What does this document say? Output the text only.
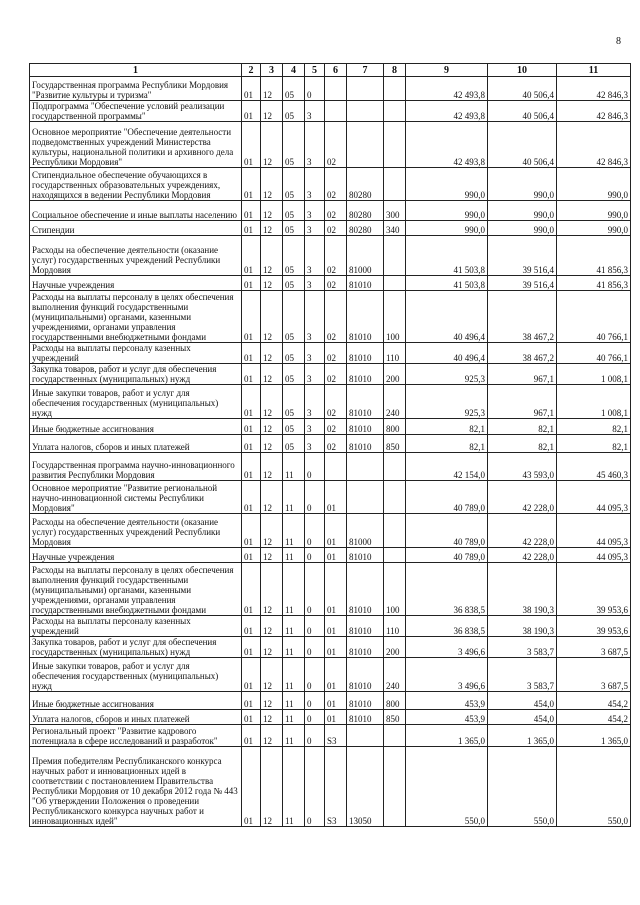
8
1	2	3	4	5	6	7	8	9	10	11
Государственная программа Республики Мордовия "Развитие культуры и туризма"	01	12	05	0				42 493,8	40 506,4	42 846,3
Подпрограмма "Обеспечение условий реализации государственной программы"	01	12	05	3				42 493,8	40 506,4	42 846,3
Основное мероприятие "Обеспечение деятельности подведомственных учреждений Министерства культуры, национальной политики и архивного дела Республики Мордовия"	01	12	05	3	02			42 493,8	40 506,4	42 846,3
Стипендиальное обеспечение обучающихся в государственных образовательных учреждениях, находящихся в ведении Республики Мордовия	01	12	05	3	02	80280		990,0	990,0	990,0
Социальное обеспечение и иные выплаты населению	01	12	05	3	02	80280	300	990,0	990,0	990,0
Стипендии	01	12	05	3	02	80280	340	990,0	990,0	990,0
Расходы на обеспечение деятельности (оказание услуг) государственных учреждений Республики Мордовия	01	12	05	3	02	81000		41 503,8	39 516,4	41 856,3
Научные учреждения	01	12	05	3	02	81010		41 503,8	39 516,4	41 856,3
Расходы на выплаты персоналу в целях обеспечения выполнения функций государственными (муниципальными) органами, казенными учреждениями, органами управления государственными внебюджетными фондами	01	12	05	3	02	81010	100	40 496,4	38 467,2	40 766,1
Расходы на выплаты персоналу казенных учреждений	01	12	05	3	02	81010	110	40 496,4	38 467,2	40 766,1
Закупка товаров, работ и услуг для обеспечения государственных (муниципальных) нужд	01	12	05	3	02	81010	200	925,3	967,1	1 008,1
Иные закупки товаров, работ и услуг для обеспечения государственных (муниципальных) нужд	01	12	05	3	02	81010	240	925,3	967,1	1 008,1
Иные бюджетные ассигнования	01	12	05	3	02	81010	800	82,1	82,1	82,1
Уплата налогов, сборов и иных платежей	01	12	05	3	02	81010	850	82,1	82,1	82,1
Государственная программа научно-инновационного развития Республики Мордовия	01	12	11	0				42 154,0	43 593,0	45 460,3
Основное мероприятие "Развитие региональной научно-инновационной системы Республики Мордовия"	01	12	11	0	01			40 789,0	42 228,0	44 095,3
Расходы на обеспечение деятельности (оказание услуг) государственных учреждений Республики Мордовия	01	12	11	0	01	81000		40 789,0	42 228,0	44 095,3
Научные учреждения	01	12	11	0	01	81010		40 789,0	42 228,0	44 095,3
Расходы на выплаты персоналу в целях обеспечения выполнения функций государственными (муниципальными) органами, казенными учреждениями, органами управления государственными внебюджетными фондами	01	12	11	0	01	81010	100	36 838,5	38 190,3	39 953,6
Расходы на выплаты персоналу казенных учреждений	01	12	11	0	01	81010	110	36 838,5	38 190,3	39 953,6
Закупка товаров, работ и услуг для обеспечения государственных (муниципальных) нужд	01	12	11	0	01	81010	200	3 496,6	3 583,7	3 687,5
Иные закупки товаров, работ и услуг для обеспечения государственных (муниципальных) нужд	01	12	11	0	01	81010	240	3 496,6	3 583,7	3 687,5
Иные бюджетные ассигнования	01	12	11	0	01	81010	800	453,9	454,0	454,2
Уплата налогов, сборов и иных платежей	01	12	11	0	01	81010	850	453,9	454,0	454,2
Региональный проект "Развитие кадрового потенциала в сфере исследований и разработок"	01	12	11	0	S3			1 365,0	1 365,0	1 365,0
Премия победителям Республиканского конкурса научных работ и инновационных идей в соответствии с постановлением Правительства Республики Мордовия от 10 декабря 2012 года № 443 "Об утверждении Положения о проведении Республиканского конкурса научных работ и инновационных идей"	01	12	11	0	S3	13050		550,0	550,0	550,0
